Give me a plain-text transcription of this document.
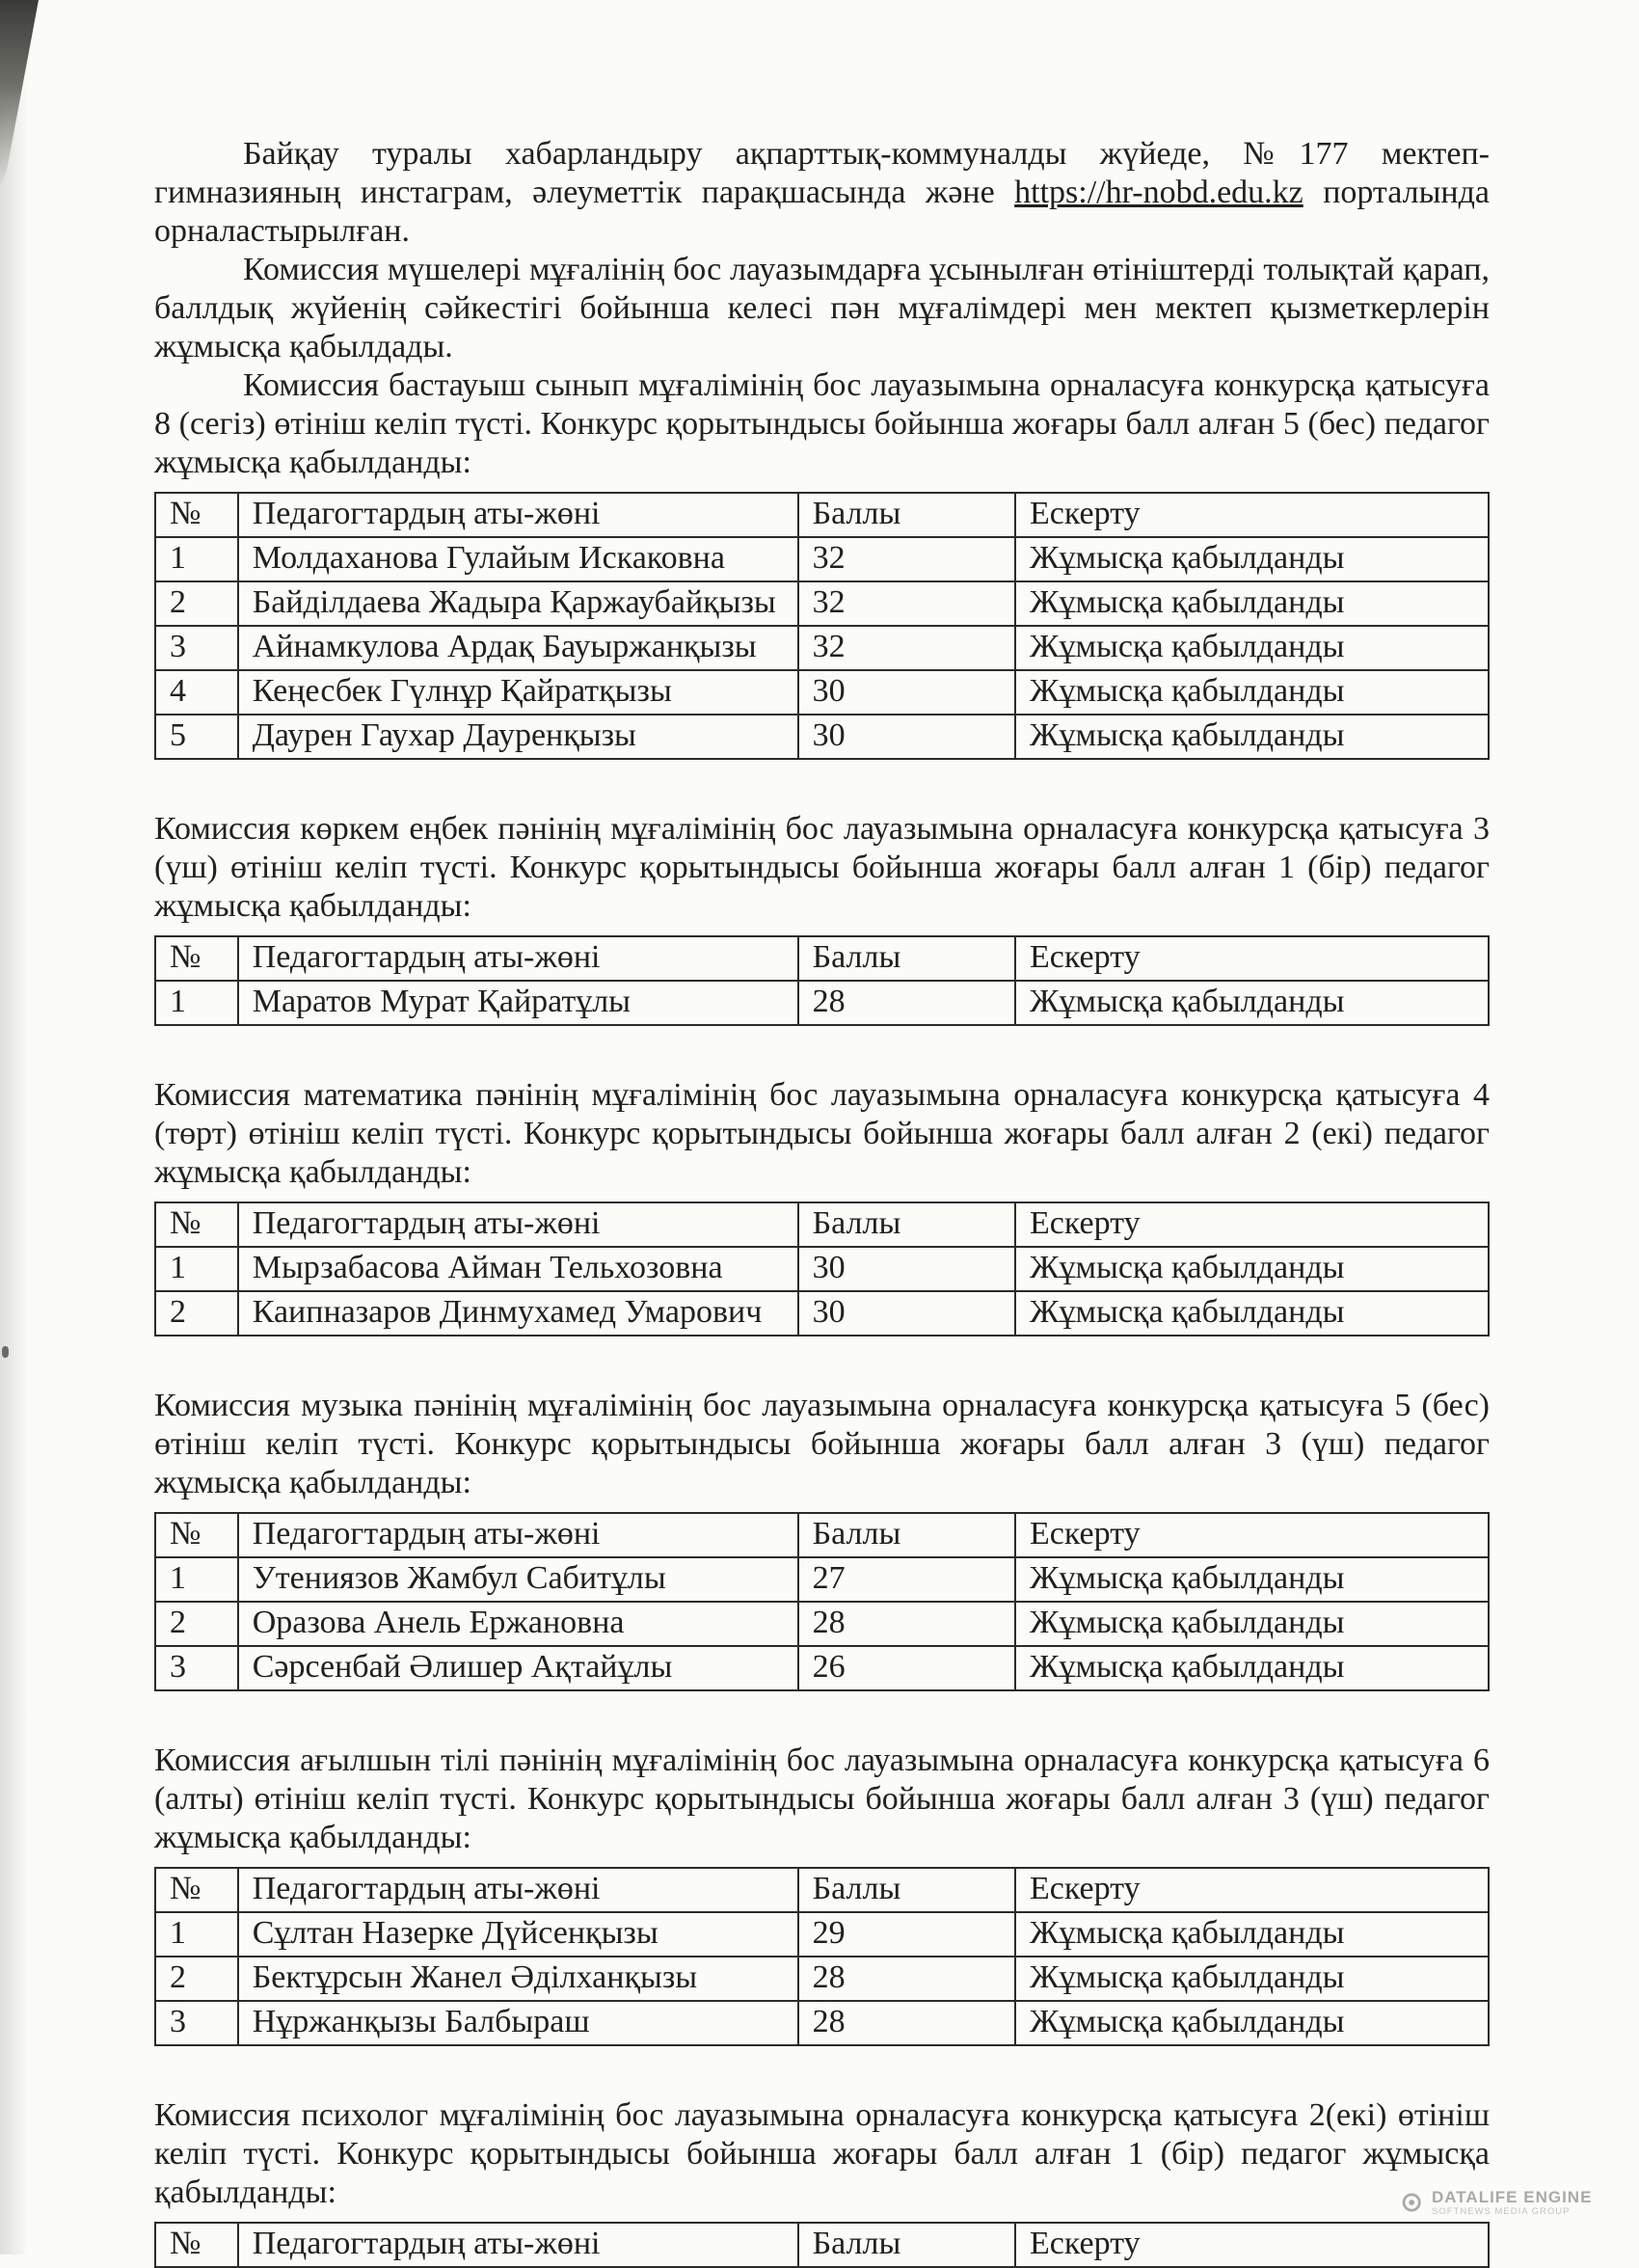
Байқау туралы хабарландыру ақпарттық-коммуналды жүйеде, №177 мектеп-гимназияның инстаграм, әлеуметтік парақшасында және https://hr-nobd.edu.kz порталында орналастырылған.

Комиссия мүшелері мұғалінің бос лауазымдарға ұсынылған өтініштерді толықтай қарап, баллдық жүйенің сәйкестігі бойынша келесі пән мұғалімдері мен мектеп қызметкерлерін жұмысқа қабылдады.

Комиссия бастауыш сынып мұғалімінің бос лауазымына орналасуға конкурсқа қатысуға 8 (сегіз) өтініш келіп түсті. Конкурс қорытындысы бойынша жоғары балл алған 5 (бес) педагог жұмысқа қабылданды:

№	Педагогтардың аты-жөні	Баллы	Ескерту
1	Молдаханова Гулайым Искаковна	32	Жұмысқа қабылданды
2	Байділдаева Жадыра Қаржаубайқызы	32	Жұмысқа қабылданды
3	Айнамкулова Ардақ Бауыржанқызы	32	Жұмысқа қабылданды
4	Кеңесбек Гүлнұр Қайратқызы	30	Жұмысқа қабылданды
5	Даурен Гаухар Дауренқызы	30	Жұмысқа қабылданды

Комиссия көркем еңбек пәнінің мұғалімінің бос лауазымына орналасуға конкурсқа қатысуға 3 (үш) өтініш келіп түсті. Конкурс қорытындысы бойынша жоғары балл алған 1 (бір) педагог жұмысқа қабылданды:

№	Педагогтардың аты-жөні	Баллы	Ескерту
1	Маратов Мурат Қайратұлы	28	Жұмысқа қабылданды

Комиссия математика пәнінің мұғалімінің бос лауазымына орналасуға конкурсқа қатысуға 4 (төрт) өтініш келіп түсті. Конкурс қорытындысы бойынша жоғары балл алған 2 (екі) педагог жұмысқа қабылданды:

№	Педагогтардың аты-жөні	Баллы	Ескерту
1	Мырзабасова Айман Тельхозовна	30	Жұмысқа қабылданды
2	Каипназаров Динмухамед Умарович	30	Жұмысқа қабылданды

Комиссия музыка пәнінің мұғалімінің бос лауазымына орналасуға конкурсқа қатысуға 5 (бес) өтініш келіп түсті. Конкурс қорытындысы бойынша жоғары балл алған 3 (үш) педагог жұмысқа қабылданды:

№	Педагогтардың аты-жөні	Баллы	Ескерту
1	Утениязов Жамбул Сабитұлы	27	Жұмысқа қабылданды
2	Оразова Анель Ержановна	28	Жұмысқа қабылданды
3	Сәрсенбай Әлишер Ақтайұлы	26	Жұмысқа қабылданды

Комиссия ағылшын тілі пәнінің мұғалімінің бос лауазымына орналасуға конкурсқа қатысуға 6 (алты) өтініш келіп түсті. Конкурс қорытындысы бойынша жоғары балл алған 3 (үш) педагог жұмысқа қабылданды:

№	Педагогтардың аты-жөні	Баллы	Ескерту
1	Сұлтан Назерке Дүйсенқызы	29	Жұмысқа қабылданды
2	Бектұрсын Жанел Әділханқызы	28	Жұмысқа қабылданды
3	Нұржанқызы Балбыраш	28	Жұмысқа қабылданды

Комиссия психолог мұғалімінің бос лауазымына орналасуға конкурсқа қатысуға 2(екі) өтініш келіп түсті. Конкурс қорытындысы бойынша жоғары балл алған 1 (бір) педагог жұмысқа қабылданды:

№	Педагогтардың аты-жөні	Баллы	Ескерту
DATALIFE ENGINE
SOFTNEWS MEDIA GROUP
